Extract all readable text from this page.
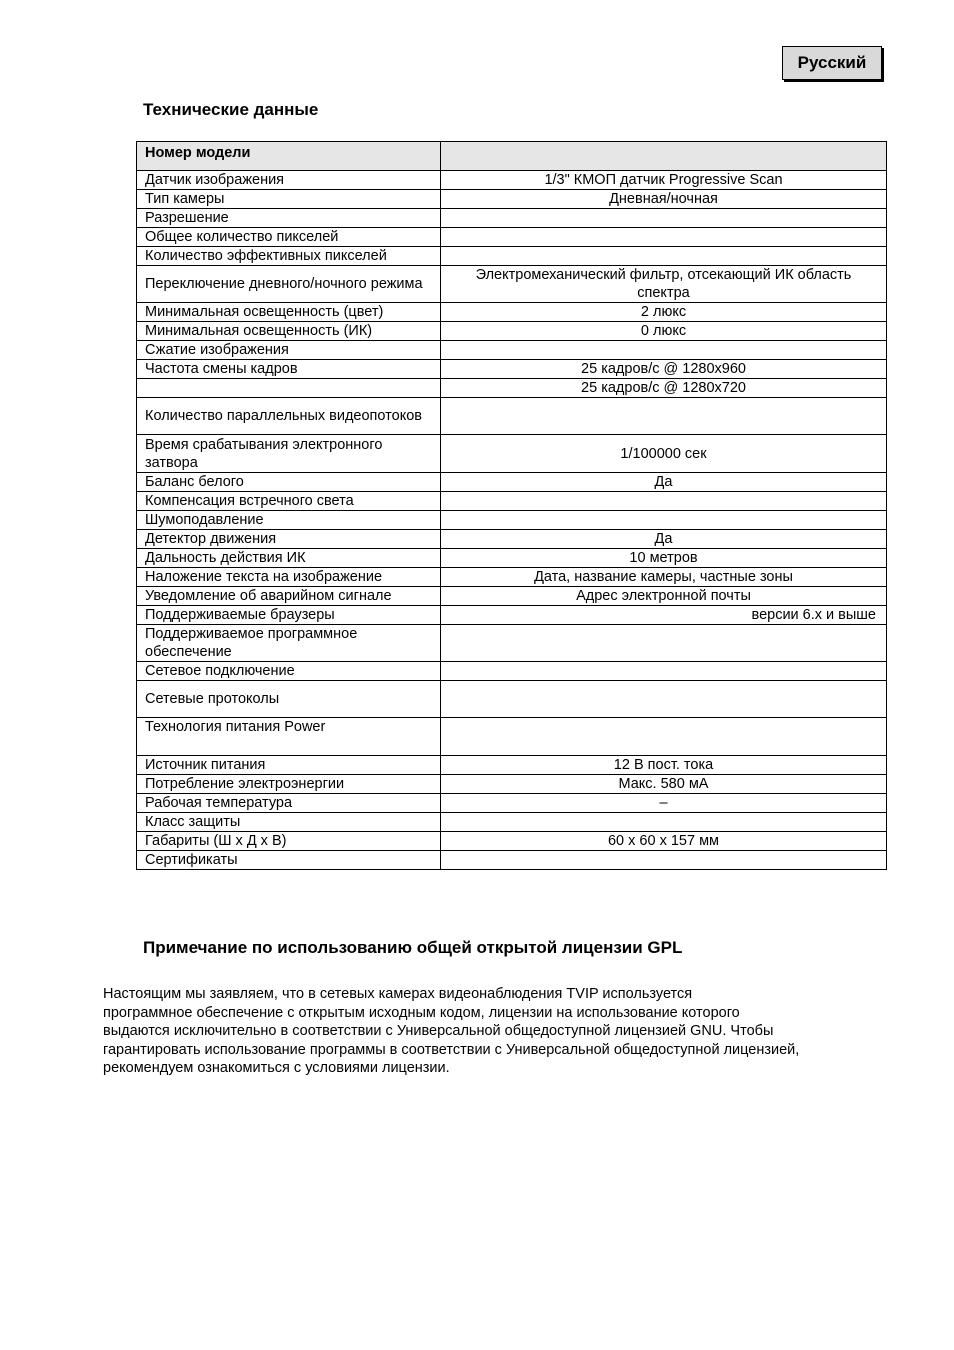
Русский
Технические данные
Номер модели	
Датчик изображения	1/3" КМОП датчик Progressive Scan
Тип камеры	Дневная/ночная
Разрешение	
Общее количество пикселей	
Количество эффективных пикселей	
Переключение дневного/ночного режима	Электромеханический фильтр, отсекающий ИК область спектра
Минимальная освещенность (цвет)	2 люкс
Минимальная освещенность (ИК)	0 люкс
Сжатие изображения	
Частота смены кадров	25 кадров/с @ 1280x960
	25 кадров/с @ 1280x720
Количество параллельных видеопотоков	
Время срабатывания электронного затвора	1/100000 сек
Баланс белого	Да
Компенсация встречного света	
Шумоподавление	
Детектор движения	Да
Дальность действия ИК	10 метров
Наложение текста на изображение	Дата, название камеры, частные зоны
Уведомление об аварийном сигнале	Адрес электронной почты
Поддерживаемые браузеры	версии 6.x и выше
Поддерживаемое программное обеспечение	
Сетевое подключение	
Сетевые протоколы	
Технология питания Power	
Источник питания	12 В пост. тока
Потребление электроэнергии	Макс. 580 мА
Рабочая температура	–
Класс защиты	
Габариты (Ш x Д x В)	60 x 60 x 157 мм
Сертификаты	
Примечание по использованию общей открытой лицензии GPL
Настоящим мы заявляем, что в сетевых камерах видеонаблюдения TVIP используется
программное обеспечение с открытым исходным кодом, лицензии на использование которого
выдаются исключительно в соответствии с Универсальной общедоступной лицензией GNU. Чтобы
гарантировать использование программы в соответствии с Универсальной общедоступной лицензией,
рекомендуем ознакомиться с условиями лицензии.
